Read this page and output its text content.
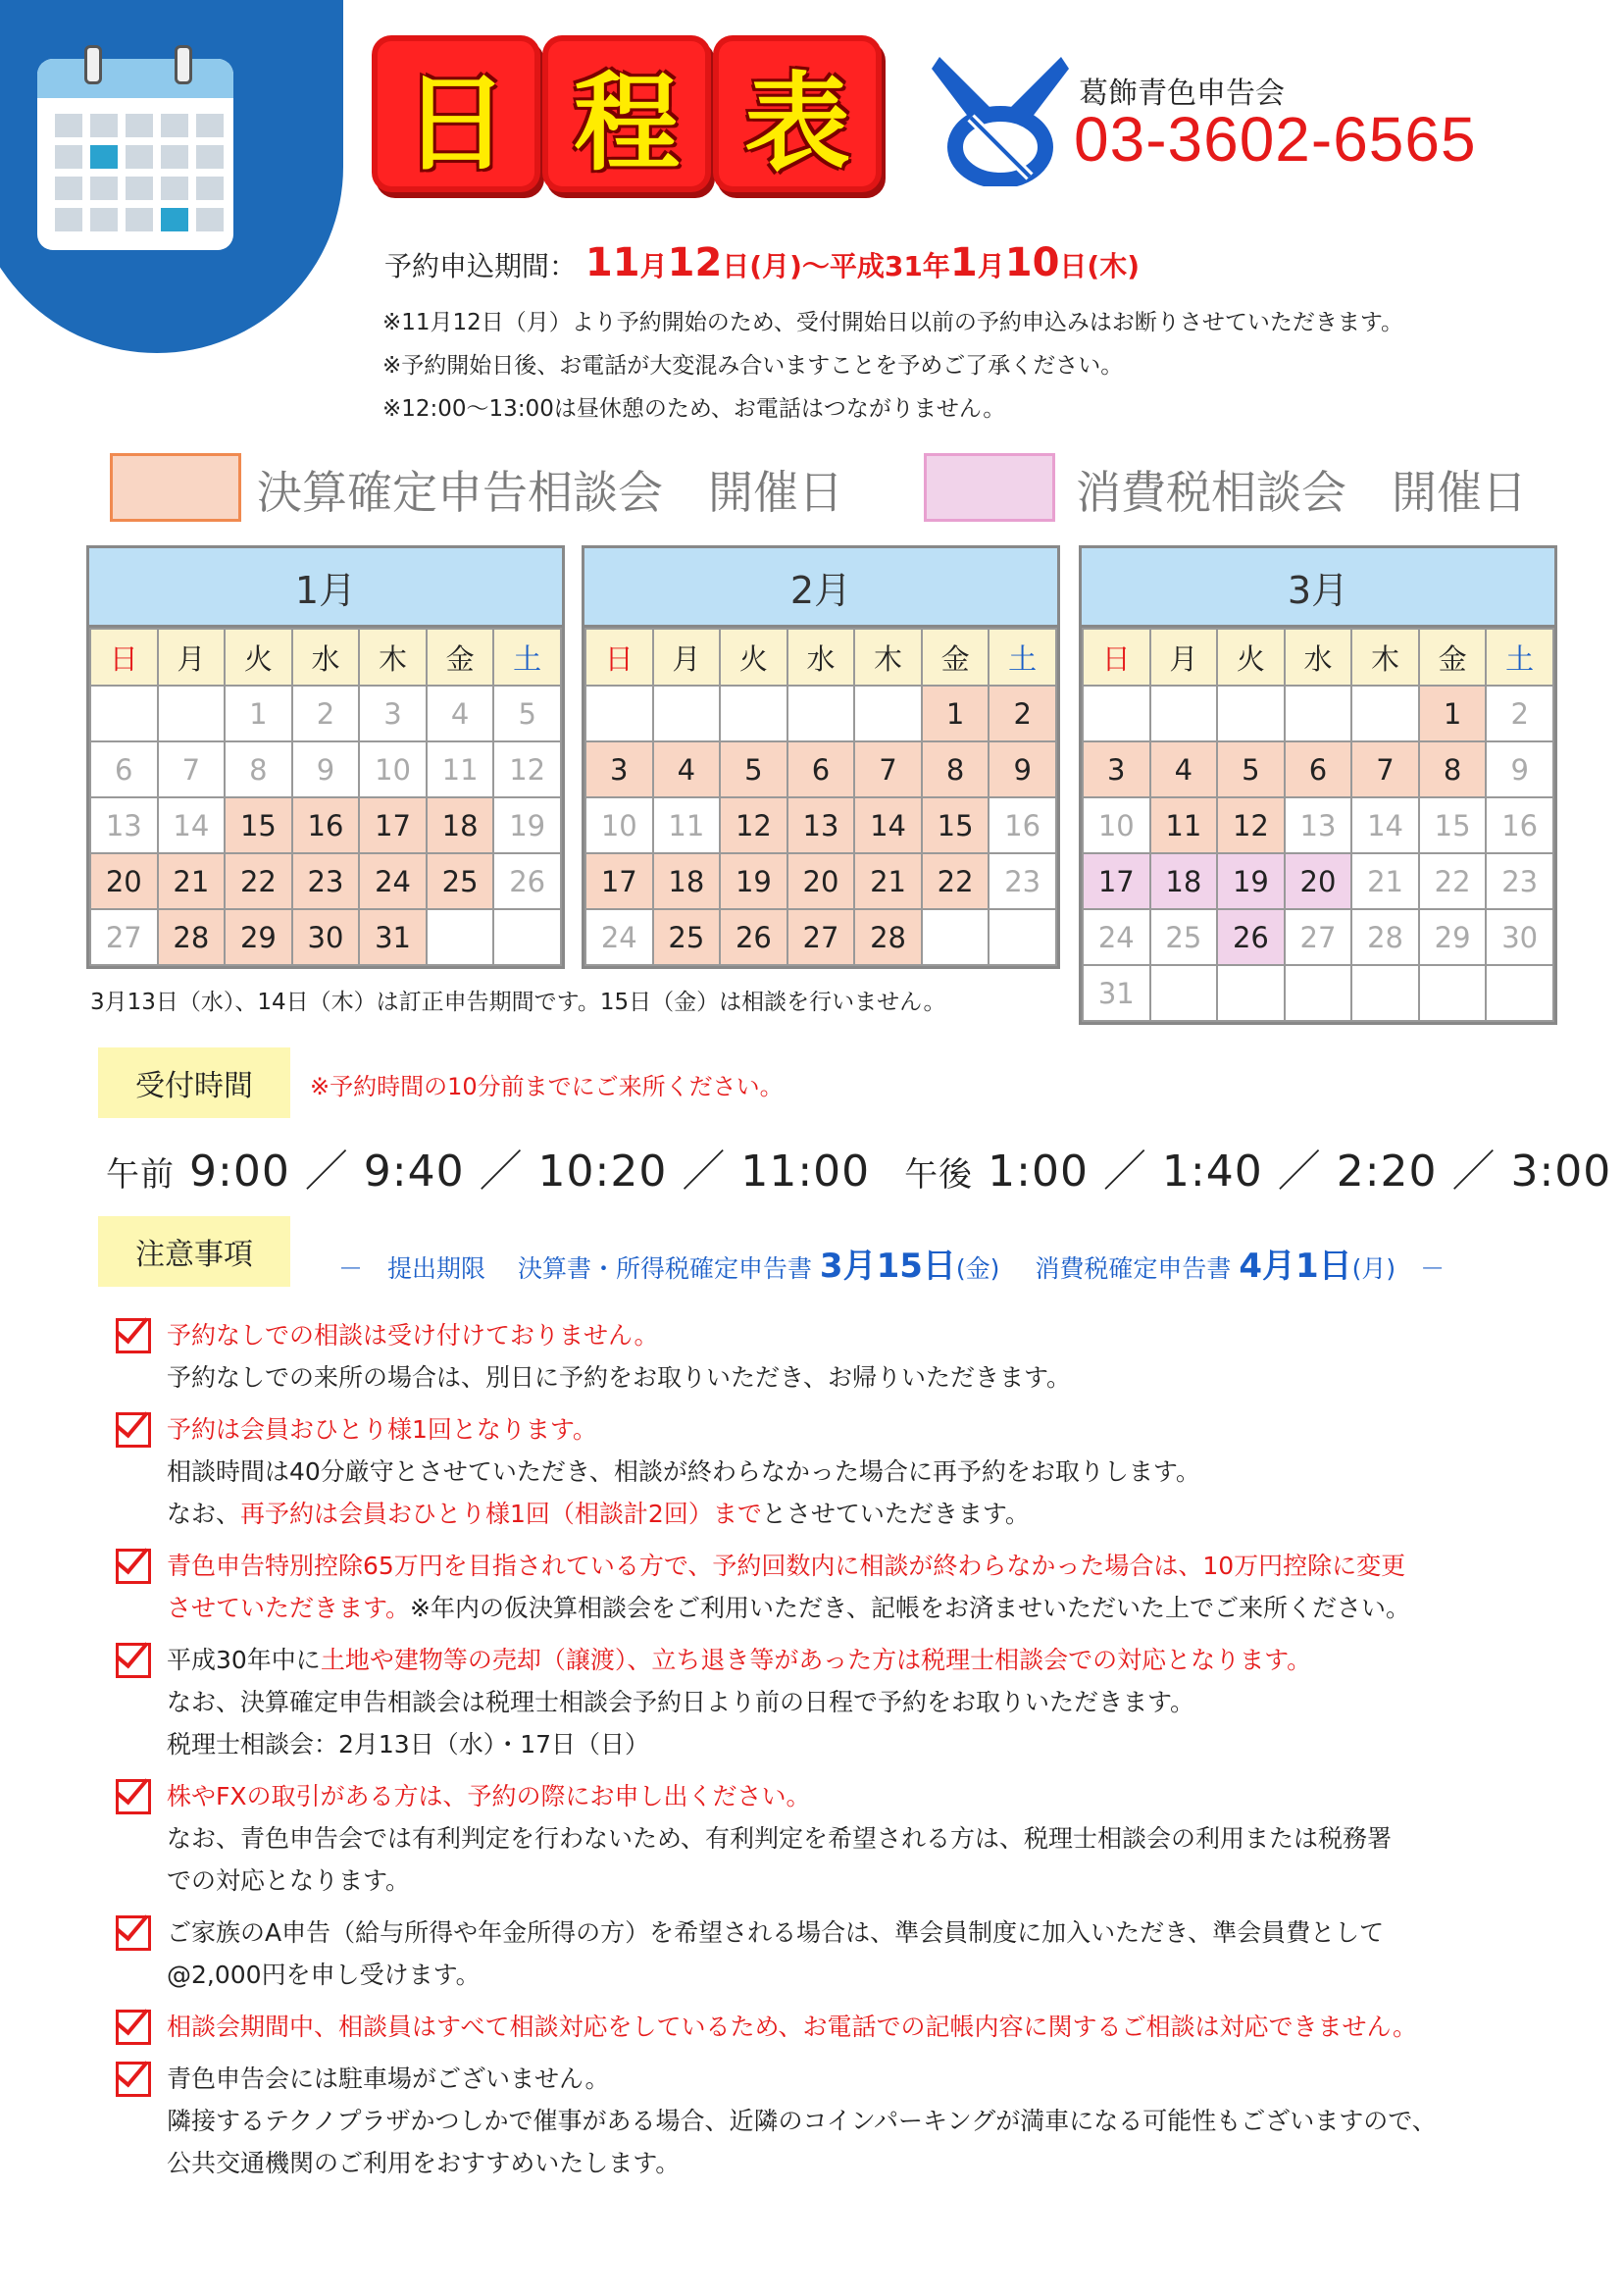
日 程 表	葛飾青色申告会
03-3602-6565
予約申込期間： 11月12日(月)～平成31年1月10日(木)
※11月12日（月）より予約開始のため、受付開始日以前の予約申込みはお断りさせていただきます。
※予約開始日後、お電話が大変混み合いますことを予めご了承ください。
※12:00～13:00は昼休憩のため、お電話はつながりません。
決算確定申告相談会　開催日	消費税相談会　開催日
1月
日	月	火	水	木	金	土
		1	2	3	4	5
6	7	8	9	10	11	12
13	14	15	16	17	18	19
20	21	22	23	24	25	26
27	28	29	30	31		
2月
日	月	火	水	木	金	土
					1	2
3	4	5	6	7	8	9
10	11	12	13	14	15	16
17	18	19	20	21	22	23
24	25	26	27	28		
3月
日	月	火	水	木	金	土
					1	2
3	4	5	6	7	8	9
10	11	12	13	14	15	16
17	18	19	20	21	22	23
24	25	26	27	28	29	30
31						
3月13日（水）、14日（木）は訂正申告期間です。15日（金）は相談を行いません。
受付時間	※予約時間の10分前までにご来所ください。
午前 9:00 ／ 9:40 ／ 10:20 ／ 11:00 午後 1:00 ／ 1:40 ／ 2:20 ／ 3:00
注意事項	－　提出期限　 決算書・所得税確定申告書 3月15日(金) 消費税確定申告書 4月1日(月)　－
予約なしでの相談は受け付けておりません。
予約なしでの来所の場合は、別日に予約をお取りいただき、お帰りいただきます。
予約は会員おひとり様1回となります。
相談時間は40分厳守とさせていただき、相談が終わらなかった場合に再予約をお取りします。
なお、再予約は会員おひとり様1回（相談計2回）までとさせていただきます。
青色申告特別控除65万円を目指されている方で、予約回数内に相談が終わらなかった場合は、10万円控除に変更
させていただきます。※年内の仮決算相談会をご利用いただき、記帳をお済ませいただいた上でご来所ください。
平成30年中に土地や建物等の売却（譲渡）、立ち退き等があった方は税理士相談会での対応となります。
なお、決算確定申告相談会は税理士相談会予約日より前の日程で予約をお取りいただきます。
税理士相談会：2月13日（水）・17日（日）
株やFXの取引がある方は、予約の際にお申し出ください。
なお、青色申告会では有利判定を行わないため、有利判定を希望される方は、税理士相談会の利用または税務署
での対応となります。
ご家族のA申告（給与所得や年金所得の方）を希望される場合は、準会員制度に加入いただき、準会員費として
@2,000円を申し受けます。
相談会期間中、相談員はすべて相談対応をしているため、お電話での記帳内容に関するご相談は対応できません。
青色申告会には駐車場がございません。
隣接するテクノプラザかつしかで催事がある場合、近隣のコインパーキングが満車になる可能性もございますので、
公共交通機関のご利用をおすすめいたします。
